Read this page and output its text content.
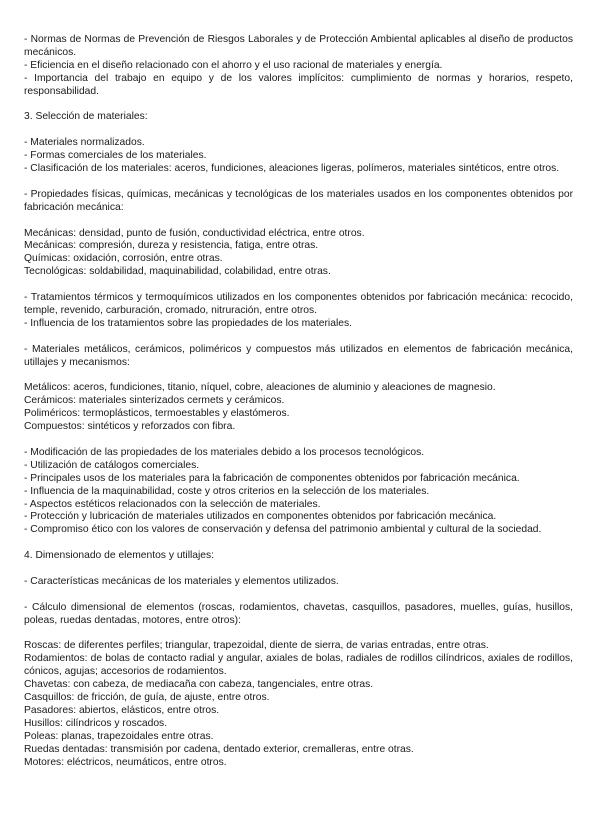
- Normas de Normas de Prevención de Riesgos Laborales y de Protección Ambiental aplicables al diseño de productos mecánicos.

- Eficiencia en el diseño relacionado con el ahorro y el uso racional de materiales y energía.

- Importancia del trabajo en equipo y de los valores implícitos: cumplimiento de normas y horarios, respeto, responsabilidad.

3. Selección de materiales:

- Materiales normalizados.

- Formas comerciales de los materiales.

- Clasificación de los materiales: aceros, fundiciones, aleaciones ligeras, polímeros, materiales sintéticos, entre otros.

- Propiedades físicas, químicas, mecánicas y tecnológicas de los materiales usados en los componentes obtenidos por fabricación mecánica:

Mecánicas: densidad, punto de fusión, conductividad eléctrica, entre otros.

Mecánicas: compresión, dureza y resistencia, fatiga, entre otras.

Químicas: oxidación, corrosión, entre otras.

Tecnológicas: soldabilidad, maquinabilidad, colabilidad, entre otras.

- Tratamientos térmicos y termoquímicos utilizados en los componentes obtenidos por fabricación mecánica: recocido, temple, revenido, carburación, cromado, nitruración, entre otros.

- Influencia de los tratamientos sobre las propiedades de los materiales.

- Materiales metálicos, cerámicos, poliméricos y compuestos más utilizados en elementos de fabricación mecánica, utillajes y mecanismos:

Metálicos: aceros, fundiciones, titanio, níquel, cobre, aleaciones de aluminio y aleaciones de magnesio.

Cerámicos: materiales sinterizados cermets y cerámicos.

Poliméricos: termoplásticos, termoestables y elastómeros.

Compuestos: sintéticos y reforzados con fibra.

- Modificación de las propiedades de los materiales debido a los procesos tecnológicos.

- Utilización de catálogos comerciales.

- Principales usos de los materiales para la fabricación de componentes obtenidos por fabricación mecánica.

- Influencia de la maquinabilidad, coste y otros criterios en la selección de los materiales.

- Aspectos estéticos relacionados con la selección de materiales.

- Protección y lubricación de materiales utilizados en componentes obtenidos por fabricación mecánica.

- Compromiso ético con los valores de conservación y defensa del patrimonio ambiental y cultural de la sociedad.

4. Dimensionado de elementos y utillajes:

- Características mecánicas de los materiales y elementos utilizados.

- Cálculo dimensional de elementos (roscas, rodamientos, chavetas, casquillos, pasadores, muelles, guías, husillos, poleas, ruedas dentadas, motores, entre otros):

Roscas: de diferentes perfiles; triangular, trapezoidal, diente de sierra, de varias entradas, entre otras.

Rodamientos: de bolas de contacto radial y angular, axiales de bolas, radiales de rodillos cilíndricos, axiales de rodillos, cónicos, agujas; accesorios de rodamientos.

Chavetas: con cabeza, de mediacaña con cabeza, tangenciales, entre otras.

Casquillos: de fricción, de guía, de ajuste, entre otros.

Pasadores: abiertos, elásticos, entre otros.

Husillos: cilíndricos y roscados.

Poleas: planas, trapezoidales entre otras.

Ruedas dentadas: transmisión por cadena, dentado exterior, cremalleras, entre otras.

Motores: eléctricos, neumáticos, entre otros.
